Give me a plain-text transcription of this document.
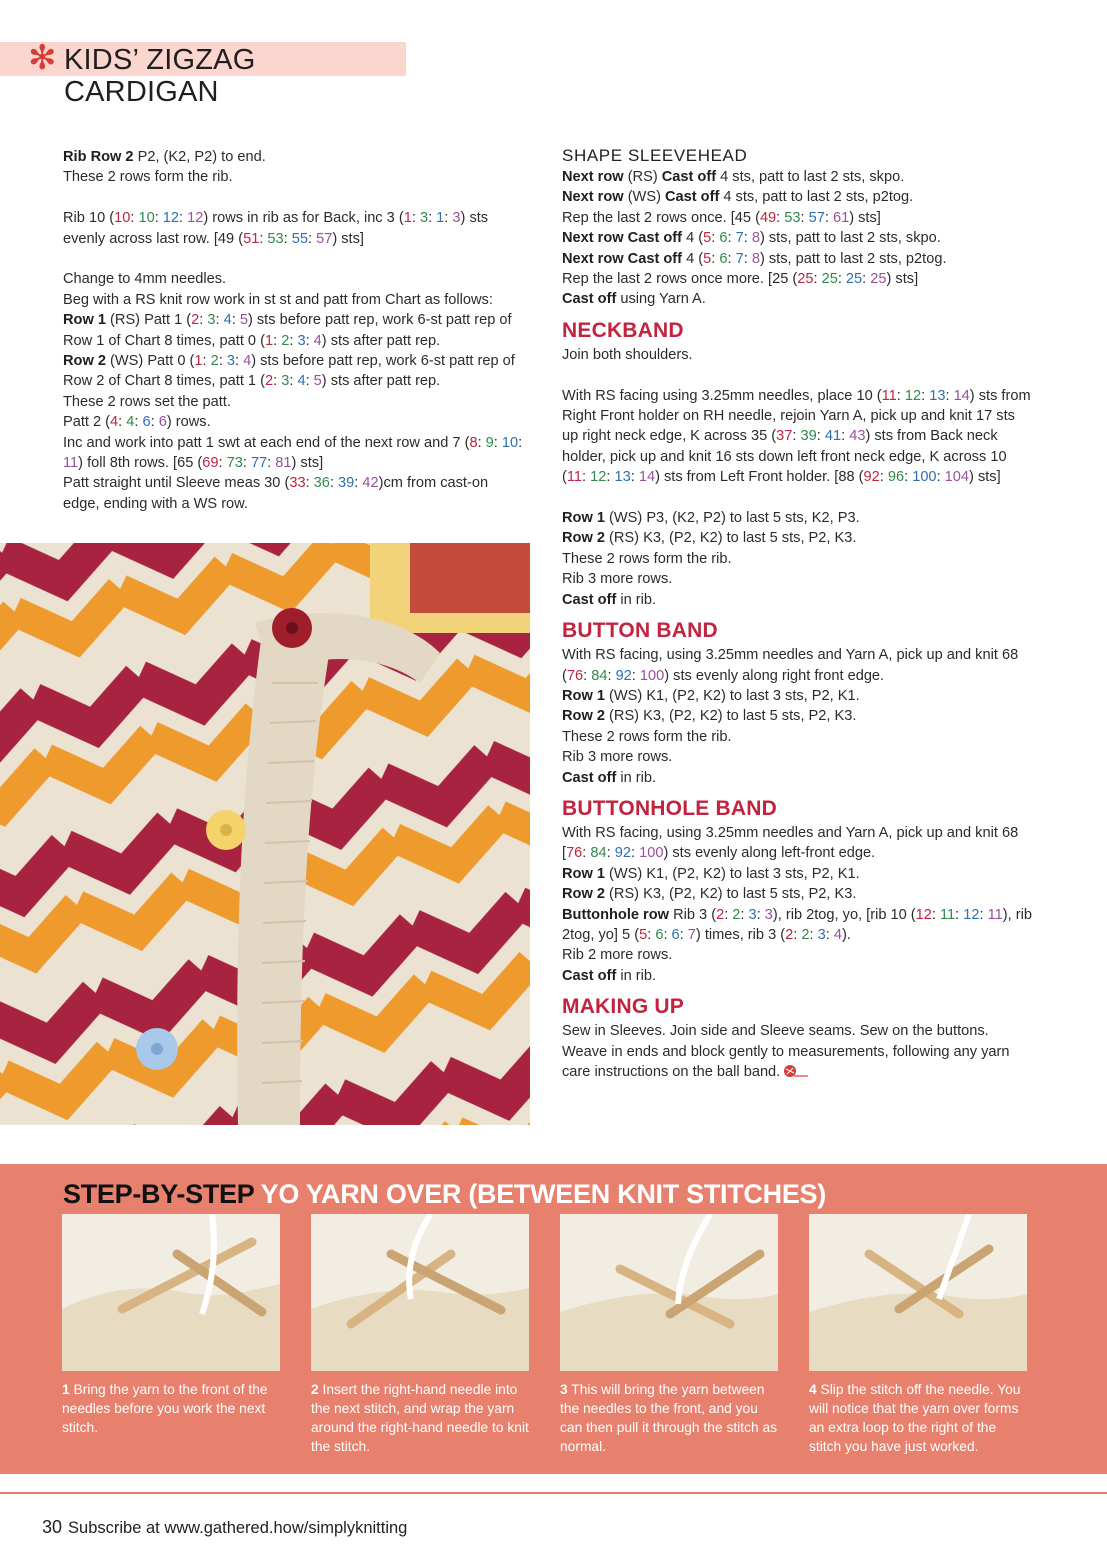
✻ KIDS’ ZIGZAG CARDIGAN

Rib Row 2 P2, (K2, P2) to end.

These 2 rows form the rib.

Rib 10 (10: 10: 12: 12) rows in rib as for Back, inc 3 (1: 3: 1: 3) sts evenly across last row. [49 (51: 53: 55: 57) sts]

Change to 4mm needles.

Beg with a RS knit row work in st st and patt from Chart as follows:

Row 1 (RS) Patt 1 (2: 3: 4: 5) sts before patt rep, work 6-st patt rep of Row 1 of Chart 8 times, patt 0 (1: 2: 3: 4) sts after patt rep.

Row 2 (WS) Patt 0 (1: 2: 3: 4) sts before patt rep, work 6-st patt rep of Row 2 of Chart 8 times, patt 1 (2: 3: 4: 5) sts after patt rep.

These 2 rows set the patt.

Patt 2 (4: 4: 6: 6) rows.

Inc and work into patt 1 swt at each end of the next row and 7 (8: 9: 10: 11) foll 8th rows. [65 (69: 73: 77: 81) sts]

Patt straight until Sleeve meas 30 (33: 36: 39: 42)cm from cast-on edge, ending with a WS row.

SHAPE SLEEVEHEAD

Next row (RS) Cast off 4 sts, patt to last 2 sts, skpo.

Next row (WS) Cast off 4 sts, patt to last 2 sts, p2tog.

Rep the last 2 rows once. [45 (49: 53: 57: 61) sts]

Next row Cast off 4 (5: 6: 7: 8) sts, patt to last 2 sts, skpo.

Next row Cast off 4 (5: 6: 7: 8) sts, patt to last 2 sts, p2tog.

Rep the last 2 rows once more. [25 (25: 25: 25: 25) sts]

Cast off using Yarn A.

NECKBAND

Join both shoulders.

With RS facing using 3.25mm needles, place 10 (11: 12: 13: 14) sts from Right Front holder on RH needle, rejoin Yarn A, pick up and knit 17 sts up right neck edge, K across 35 (37: 39: 41: 43) sts from Back neck holder, pick up and knit 16 sts down left front neck edge, K across 10 (11: 12: 13: 14) sts from Left Front holder. [88 (92: 96: 100: 104) sts]

Row 1 (WS) P3, (K2, P2) to last 5 sts, K2, P3.

Row 2 (RS) K3, (P2, K2) to last 5 sts, P2, K3.

These 2 rows form the rib.

Rib 3 more rows.

Cast off in rib.

BUTTON BAND

With RS facing, using 3.25mm needles and Yarn A, pick up and knit 68 (76: 84: 92: 100) sts evenly along right front edge.

Row 1 (WS) K1, (P2, K2) to last 3 sts, P2, K1.

Row 2 (RS) K3, (P2, K2) to last 5 sts, P2, K3.

These 2 rows form the rib.

Rib 3 more rows.

Cast off in rib.

BUTTONHOLE BAND

With RS facing, using 3.25mm needles and Yarn A, pick up and knit 68 [76: 84: 92: 100) sts evenly along left-front edge.

Row 1 (WS) K1, (P2, K2) to last 3 sts, P2, K1.

Row 2 (RS) K3, (P2, K2) to last 5 sts, P2, K3.

Buttonhole row Rib 3 (2: 2: 3: 3), rib 2tog, yo, [rib 10 (12: 11: 12: 11), rib 2tog, yo] 5 (5: 6: 6: 7) times, rib 3 (2: 2: 3: 4).

Rib 2 more rows.

Cast off in rib.

MAKING UP

Sew in Sleeves. Join side and Sleeve seams. Sew on the buttons. Weave in ends and block gently to measurements, following any yarn care instructions on the ball band.

STEP-BY-STEP YO YARN OVER (BETWEEN KNIT STITCHES)
1 Bring the yarn to the front of the needles before you work the next stitch.
2 Insert the right-hand needle into the next stitch, and wrap the yarn around the right-hand needle to knit the stitch.
3 This will bring the yarn between the needles to the front, and you can then pull it through the stitch as normal.
4 Slip the stitch off the needle. You will notice that the yarn over forms an extra loop to the right of the stitch you have just worked.
30 Subscribe at www.gathered.how/simplyknitting
